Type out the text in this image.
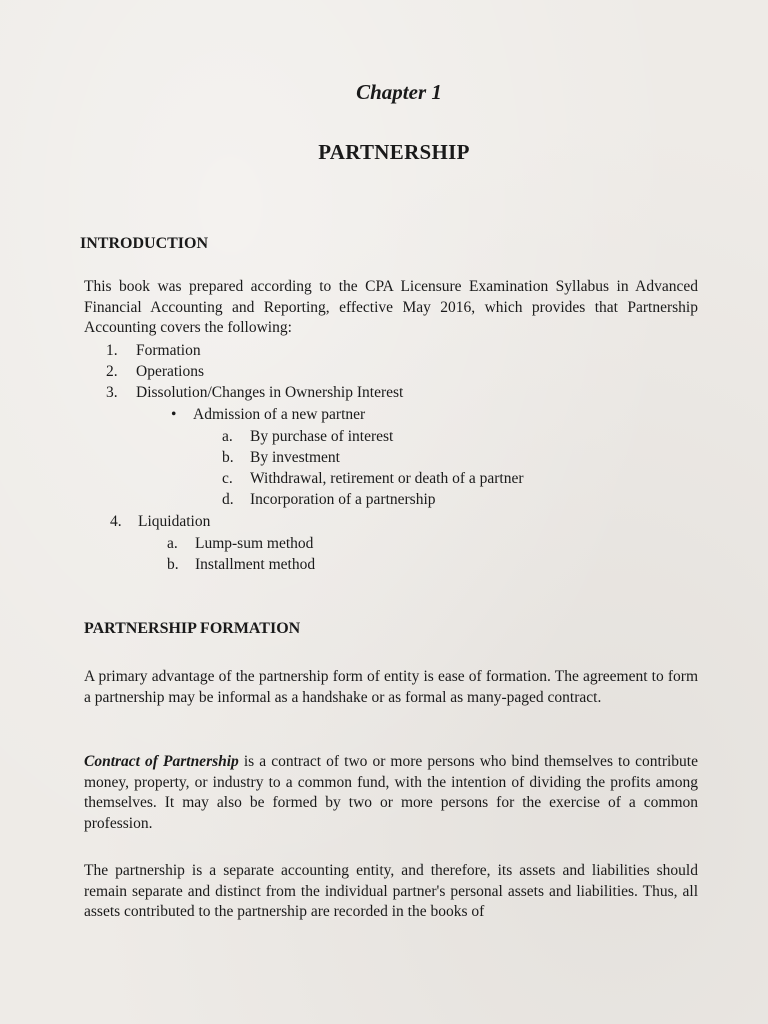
Chapter 1
PARTNERSHIP
INTRODUCTION
This book was prepared according to the CPA Licensure Examination Syllabus in Advanced Financial Accounting and Reporting, effective May 2016, which provides that Partnership Accounting covers the following:
1. Formation
2. Operations
3. Dissolution/Changes in Ownership Interest
• Admission of a new partner
a. By purchase of interest
b. By investment
c. Withdrawal, retirement or death of a partner
d. Incorporation of a partnership
4. Liquidation
a. Lump-sum method
b. Installment method
PARTNERSHIP FORMATION
A primary advantage of the partnership form of entity is ease of formation. The agreement to form a partnership may be informal as a handshake or as formal as many-paged contract.
Contract of Partnership is a contract of two or more persons who bind themselves to contribute money, property, or industry to a common fund, with the intention of dividing the profits among themselves. It may also be formed by two or more persons for the exercise of a common profession.
The partnership is a separate accounting entity, and therefore, its assets and liabilities should remain separate and distinct from the individual partner's personal assets and liabilities. Thus, all assets contributed to the partnership are recorded in the books of
